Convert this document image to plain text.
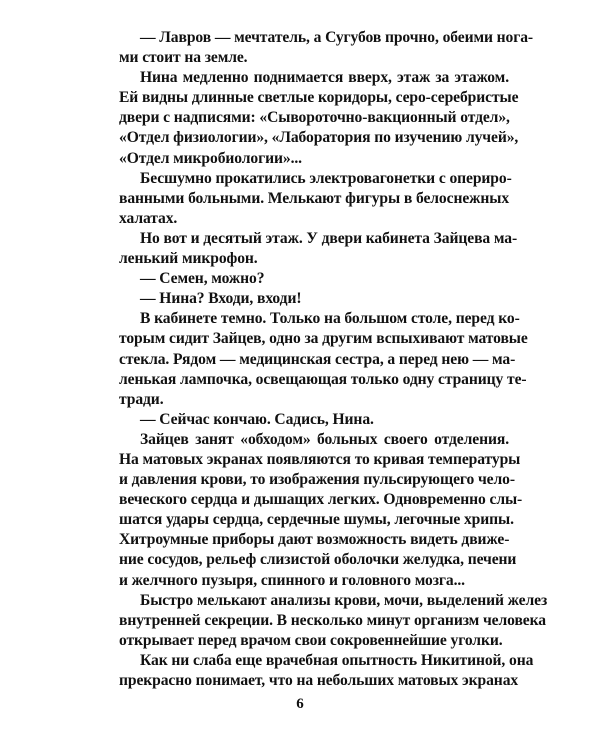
— Лавров — мечтатель, а Сугубов прочно, обеими нога-
ми стоит на земле.
Нина медленно поднимается вверх, этаж за этажом.
Ей видны длинные светлые коридоры, серо-серебристые
двери с надписями: «Сывороточно-вакционный отдел»,
«Отдел физиологии», «Лаборатория по изучению лучей»,
«Отдел микробиологии»...
Бесшумно прокатились электровагонетки с опериро-
ванными больными. Мелькают фигуры в белоснежных
халатах.
Но вот и десятый этаж. У двери кабинета Зайцева ма-
ленький микрофон.
— Семен, можно?
— Нина? Входи, входи!
В кабинете темно. Только на большом столе, перед ко-
торым сидит Зайцев, одно за другим вспыхивают матовые
стекла. Рядом — медицинская сестра, а перед нею — ма-
ленькая лампочка, освещающая только одну страницу те-
тради.
— Сейчас кончаю. Садись, Нина.
Зайцев занят «обходом» больных своего отделения.
На матовых экранах появляются то кривая температуры
и давления крови, то изображения пульсирующего чело-
веческого сердца и дышащих легких. Одновременно слы-
шатся удары сердца, сердечные шумы, легочные хрипы.
Хитроумные приборы дают возможность видеть движе-
ние сосудов, рельеф слизистой оболочки желудка, печени
и желчного пузыря, спинного и головного мозга...
Быстро мелькают анализы крови, мочи, выделений желез
внутренней секреции. В несколько минут организм человека
открывает перед врачом свои сокровеннейшие уголки.
Как ни слаба еще врачебная опытность Никитиной, она
прекрасно понимает, что на небольших матовых экранах
6
